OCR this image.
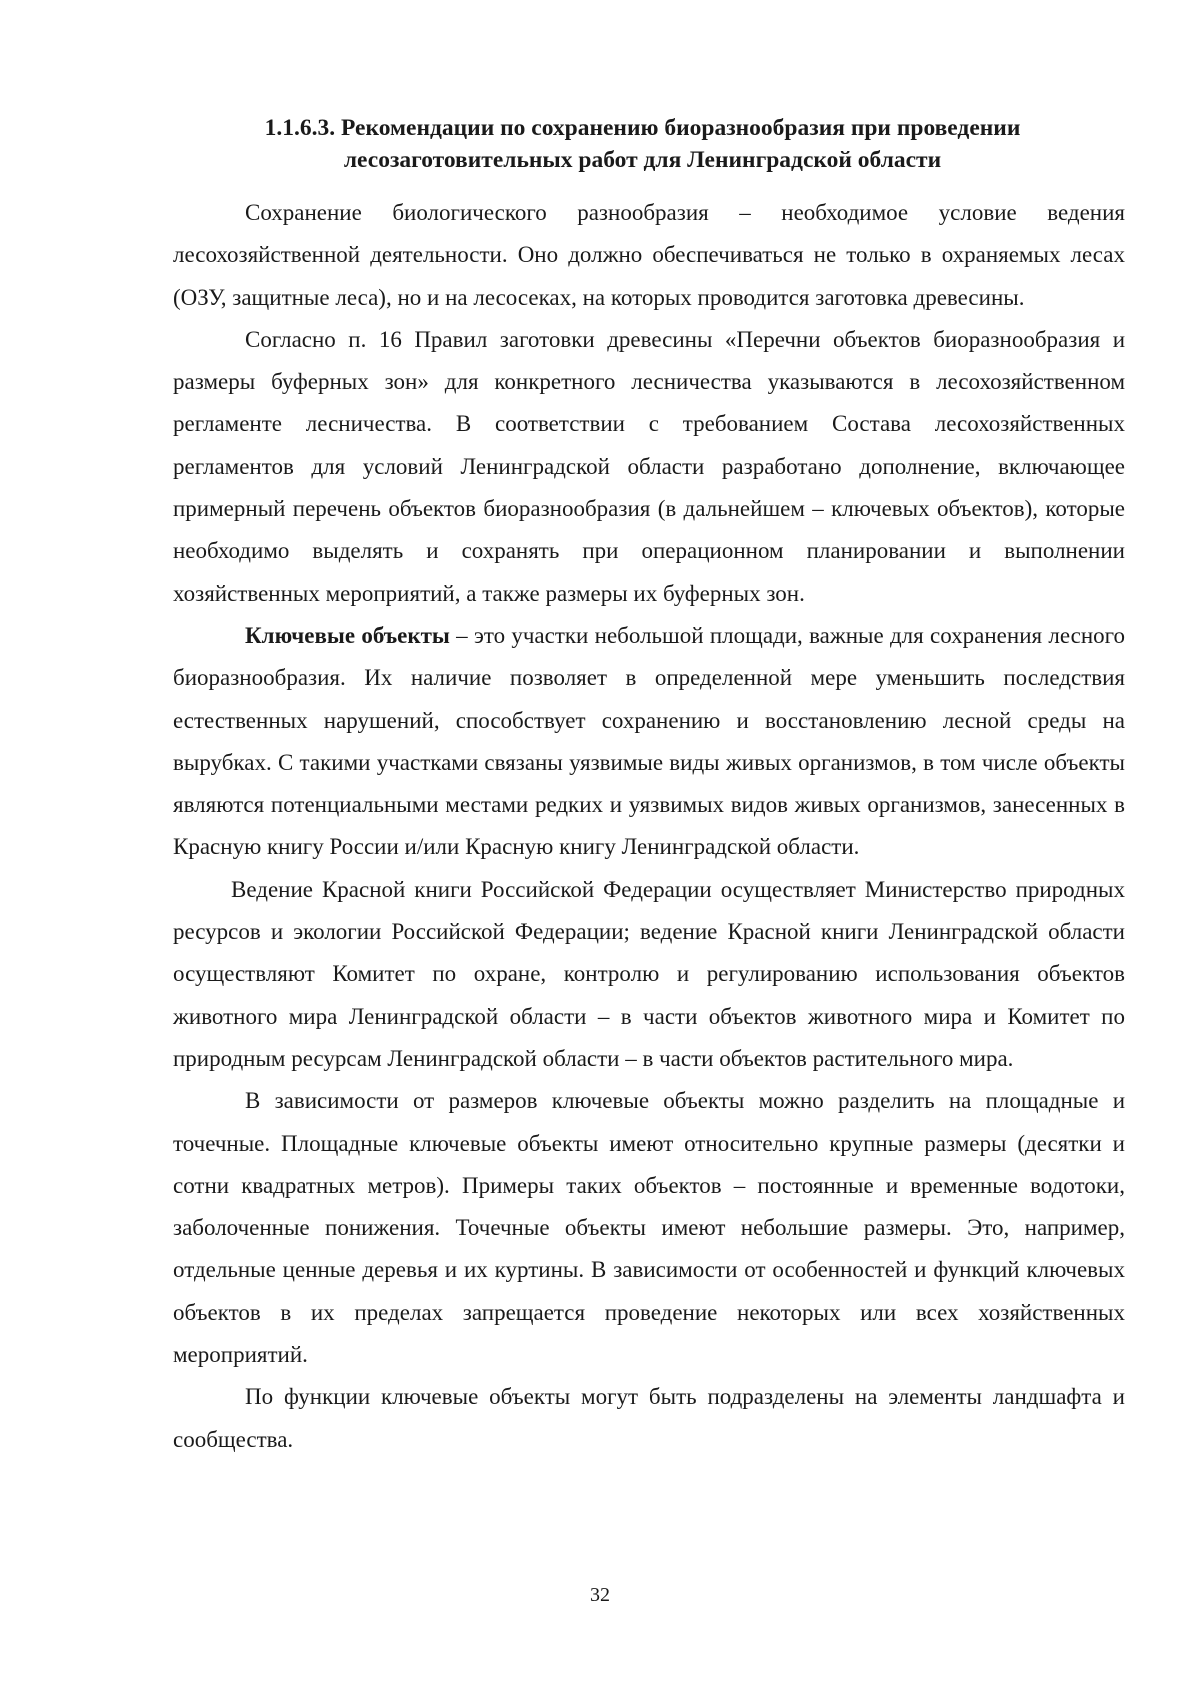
1.1.6.3. Рекомендации по сохранению биоразнообразия при проведении
лесозаготовительных работ для Ленинградской области

Сохранение биологического разнообразия – необходимое условие ведения лесохозяйственной деятельности. Оно должно обеспечиваться не только в охраняемых лесах (ОЗУ, защитные леса), но и на лесосеках, на которых проводится заготовка древесины.

Согласно п. 16 Правил заготовки древесины «Перечни объектов биоразнообразия и размеры буферных зон» для конкретного лесничества указываются в лесохозяйственном регламенте лесничества. В соответствии с требованием Состава лесохозяйственных регламентов для условий Ленинградской области разработано дополнение, включающее примерный перечень объектов биоразнообразия (в дальнейшем – ключевых объектов), которые необходимо выделять и сохранять при операционном планировании и выполнении хозяйственных мероприятий, а также размеры их буферных зон.

Ключевые объекты – это участки небольшой площади, важные для сохранения лесного биоразнообразия. Их наличие позволяет в определенной мере уменьшить последствия естественных нарушений, способствует сохранению и восстановлению лесной среды на вырубках. С такими участками связаны уязвимые виды живых организмов, в том числе объекты являются потенциальными местами редких и уязвимых видов живых организмов, занесенных в Красную книгу России и/или Красную книгу Ленинградской области.

Ведение Красной книги Российской Федерации осуществляет Министерство природных ресурсов и экологии Российской Федерации; ведение Красной книги Ленинградской области осуществляют Комитет по охране, контролю и регулированию использования объектов животного мира Ленинградской области – в части объектов животного мира и Комитет по природным ресурсам Ленинградской области – в части объектов растительного мира.

В зависимости от размеров ключевые объекты можно разделить на площадные и точечные. Площадные ключевые объекты имеют относительно крупные размеры (десятки и сотни квадратных метров). Примеры таких объектов – постоянные и временные водотоки, заболоченные понижения. Точечные объекты имеют небольшие размеры. Это, например, отдельные ценные деревья и их куртины. В зависимости от особенностей и функций ключевых объектов в их пределах запрещается проведение некоторых или всех хозяйственных мероприятий.

По функции ключевые объекты могут быть подразделены на элементы ландшафта и сообщества.

32
